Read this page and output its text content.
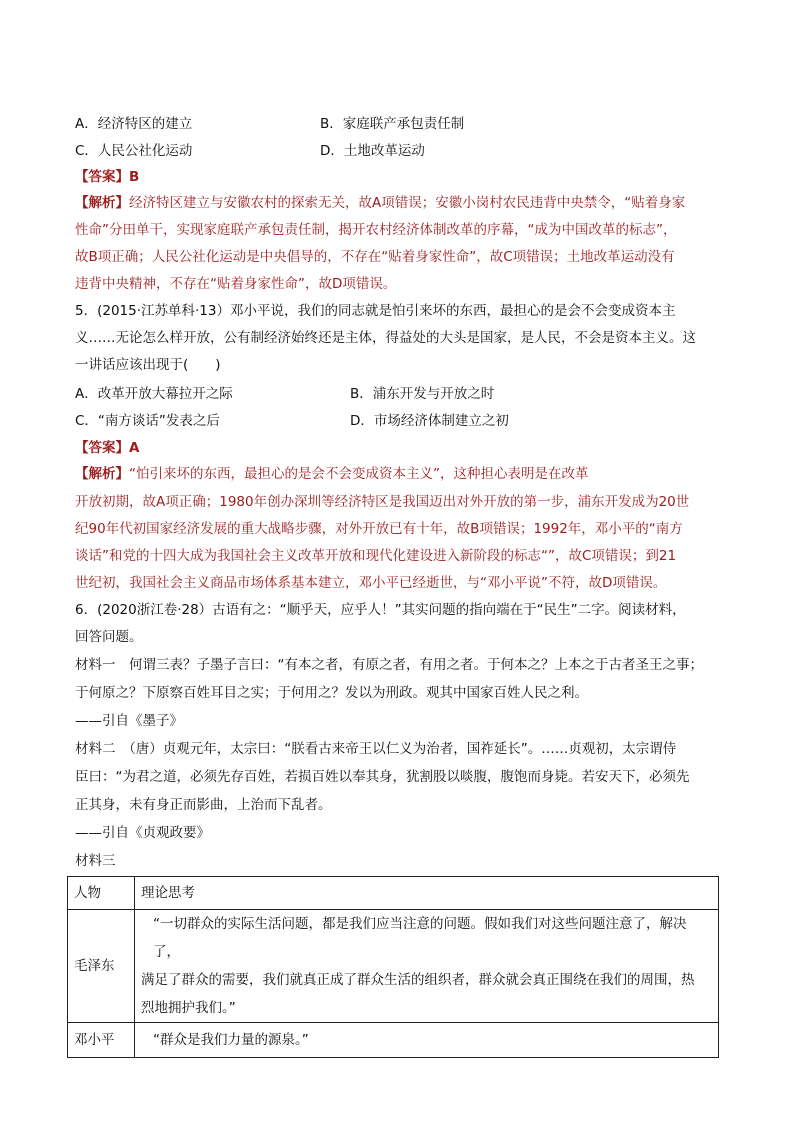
A．经济特区的建立	B．家庭联产承包责任制
C．人民公社化运动	D．土地改革运动
【答案】B
【解析】经济特区建立与安徽农村的探索无关，故A项错误；安徽小岗村农民违背中央禁令，“贴着身家
性命”分田单干，实现家庭联产承包责任制，揭开农村经济体制改革的序幕，“成为中国改革的标志”，
故B项正确；人民公社化运动是中央倡导的，不存在“贴着身家性命”，故C项错误；土地改革运动没有
违背中央精神，不存在“贴着身家性命”，故D项错误。
5．(2015·江苏单科·13）邓小平说，我们的同志就是怕引来坏的东西，最担心的是会不会变成资本主
义……无论怎么样开放，公有制经济始终还是主体，得益处的大头是国家，是人民，不会是资本主义。这
一讲话应该出现于(　　)
A．改革开放大幕拉开之际	B．浦东开发与开放之时
C．“南方谈话”发表之后	D．市场经济体制建立之初
【答案】A
【解析】“怕引来坏的东西，最担心的是会不会变成资本主义”，这种担心表明是在改革
开放初期，故A项正确；1980年创办深圳等经济特区是我国迈出对外开放的第一步，浦东开发成为20世
纪90年代初国家经济发展的重大战略步骤，对外开放已有十年，故B项错误；1992年，邓小平的“南方
谈话”和党的十四大成为我国社会主义改革开放和现代化建设进入新阶段的标志“”，故C项错误；到21
世纪初，我国社会主义商品市场体系基本建立，邓小平已经逝世，与“邓小平说”不符，故D项错误。
6．(2020浙江卷·28）古语有之：“顺乎天，应乎人！”其实问题的指向端在于“民生”二字。阅读材料，
回答问题。
材料一　何谓三表？子墨子言曰：“有本之者，有原之者，有用之者。于何本之？上本之于古者圣王之事；
于何原之？下原察百姓耳目之实；于何用之？发以为刑政。观其中国家百姓人民之利。
——引自《墨子》
材料二　（唐）贞观元年，太宗曰：“朕看古来帝王以仁义为治者，国祚延长”。……贞观初，太宗谓侍
臣曰：“为君之道，必须先存百姓，若损百姓以奉其身，犹割股以啖腹，腹饱而身毙。若安天下，必须先
正其身，未有身正而影曲，上治而下乱者。
——引自《贞观政要》
材料三
人物	理论思考
毛泽东	“一切群众的实际生活问题，都是我们应当注意的问题。假如我们对这些问题注意了，解决了，
满足了群众的需要，我们就真正成了群众生活的组织者，群众就会真正围绕在我们的周围，热
烈地拥护我们。”

邓小平	“群众是我们力量的源泉。”
